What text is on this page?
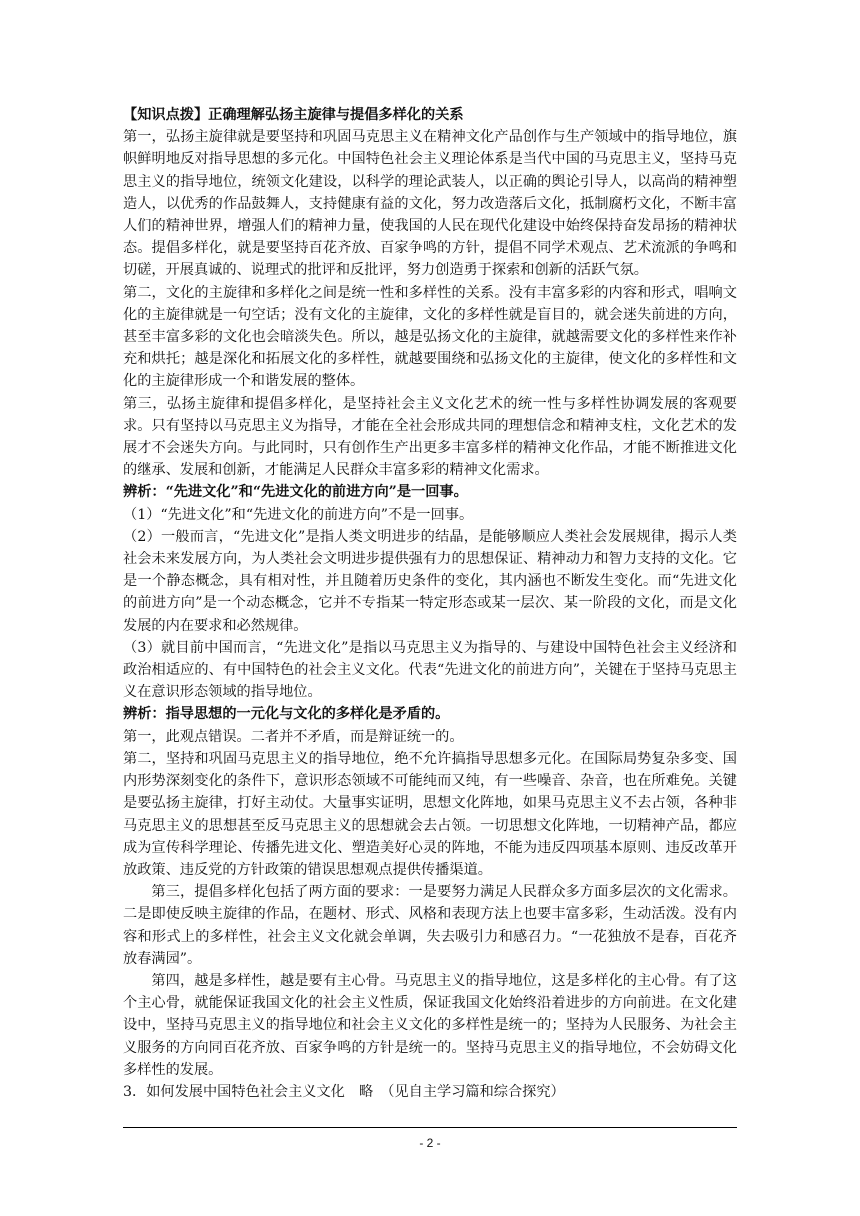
【知识点拨】正确理解弘扬主旋律与提倡多样化的关系

第一，弘扬主旋律就是要坚持和巩固马克思主义在精神文化产品创作与生产领域中的指导地位，旗帜鲜明地反对指导思想的多元化。中国特色社会主义理论体系是当代中国的马克思主义，坚持马克思主义的指导地位，统领文化建设，以科学的理论武装人，以正确的舆论引导人，以高尚的精神塑造人，以优秀的作品鼓舞人，支持健康有益的文化，努力改造落后文化，抵制腐朽文化，不断丰富人们的精神世界，增强人们的精神力量，使我国的人民在现代化建设中始终保持奋发昂扬的精神状态。提倡多样化，就是要坚持百花齐放、百家争鸣的方针，提倡不同学术观点、艺术流派的争鸣和切磋，开展真诚的、说理式的批评和反批评，努力创造勇于探索和创新的活跃气氛。

第二，文化的主旋律和多样化之间是统一性和多样性的关系。没有丰富多彩的内容和形式，唱响文化的主旋律就是一句空话；没有文化的主旋律，文化的多样性就是盲目的，就会迷失前进的方向，甚至丰富多彩的文化也会暗淡失色。所以，越是弘扬文化的主旋律，就越需要文化的多样性来作补充和烘托；越是深化和拓展文化的多样性，就越要围绕和弘扬文化的主旋律，使文化的多样性和文化的主旋律形成一个和谐发展的整体。

第三，弘扬主旋律和提倡多样化，是坚持社会主义文化艺术的统一性与多样性协调发展的客观要求。只有坚持以马克思主义为指导，才能在全社会形成共同的理想信念和精神支柱，文化艺术的发展才不会迷失方向。与此同时，只有创作生产出更多丰富多样的精神文化作品，才能不断推进文化的继承、发展和创新，才能满足人民群众丰富多彩的精神文化需求。

辨析：“先进文化”和“先进文化的前进方向”是一回事。

（1）“先进文化”和“先进文化的前进方向”不是一回事。

（2）一般而言，“先进文化”是指人类文明进步的结晶，是能够顺应人类社会发展规律，揭示人类社会未来发展方向，为人类社会文明进步提供强有力的思想保证、精神动力和智力支持的文化。它是一个静态概念，具有相对性，并且随着历史条件的变化，其内涵也不断发生变化。而“先进文化的前进方向”是一个动态概念，它并不专指某一特定形态或某一层次、某一阶段的文化，而是文化发展的内在要求和必然规律。

（3）就目前中国而言，“先进文化”是指以马克思主义为指导的、与建设中国特色社会主义经济和政治相适应的、有中国特色的社会主义文化。代表“先进文化的前进方向”，关键在于坚持马克思主义在意识形态领域的指导地位。

辨析：指导思想的一元化与文化的多样化是矛盾的。

第一，此观点错误。二者并不矛盾，而是辩证统一的。

第二，坚持和巩固马克思主义的指导地位，绝不允许搞指导思想多元化。在国际局势复杂多变、国内形势深刻变化的条件下，意识形态领域不可能纯而又纯，有一些噪音、杂音，也在所难免。关键是要弘扬主旋律，打好主动仗。大量事实证明，思想文化阵地，如果马克思主义不去占领，各种非马克思主义的思想甚至反马克思主义的思想就会去占领。一切思想文化阵地，一切精神产品，都应成为宣传科学理论、传播先进文化、塑造美好心灵的阵地，不能为违反四项基本原则、违反改革开放政策、违反党的方针政策的错误思想观点提供传播渠道。

第三，提倡多样化包括了两方面的要求：一是要努力满足人民群众多方面多层次的文化需求。二是即使反映主旋律的作品，在题材、形式、风格和表现方法上也要丰富多彩，生动活泼。没有内容和形式上的多样性，社会主义文化就会单调，失去吸引力和感召力。“一花独放不是春，百花齐放春满园”。

第四，越是多样性，越是要有主心骨。马克思主义的指导地位，这是多样化的主心骨。有了这个主心骨，就能保证我国文化的社会主义性质，保证我国文化始终沿着进步的方向前进。在文化建设中，坚持马克思主义的指导地位和社会主义文化的多样性是统一的；坚持为人民服务、为社会主义服务的方向同百花齐放、百家争鸣的方针是统一的。坚持马克思主义的指导地位，不会妨碍文化多样性的发展。

3．如何发展中国特色社会主义文化　略　（见自主学习篇和综合探究）

- 2 -
